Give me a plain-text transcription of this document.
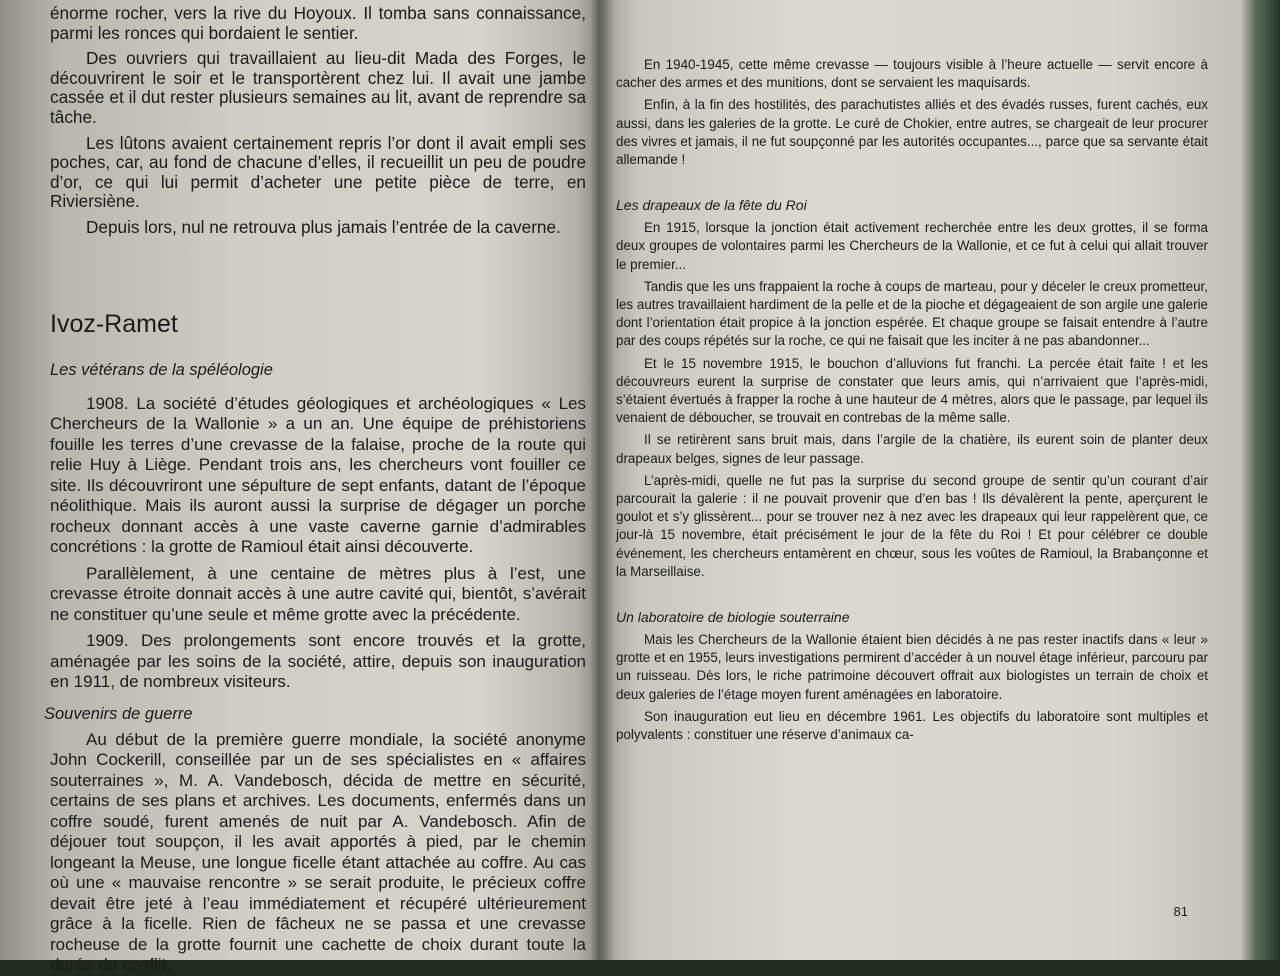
énorme rocher, vers la rive du Hoyoux. Il tomba sans connaissance, parmi les ronces qui bordaient le sentier.

Des ouvriers qui travaillaient au lieu-dit Mada des Forges, le découvrirent le soir et le transportèrent chez lui. Il avait une jambe cassée et il dut rester plusieurs semaines au lit, avant de reprendre sa tâche.

Les lûtons avaient certainement repris l’or dont il avait empli ses poches, car, au fond de chacune d’elles, il recueillit un peu de poudre d’or, ce qui lui permit d’acheter une petite pièce de terre, en Riviersiène.

Depuis lors, nul ne retrouva plus jamais l’entrée de la caverne.

Ivoz-Ramet
Les vétérans de la spéléologie

1908. La société d’études géologiques et archéologiques « Les Chercheurs de la Wallonie » a un an. Une équipe de préhistoriens fouille les terres d’une crevasse de la falaise, proche de la route qui relie Huy à Liège. Pendant trois ans, les chercheurs vont fouiller ce site. Ils découvriront une sépulture de sept enfants, datant de l’époque néolithique. Mais ils auront aussi la surprise de dégager un porche rocheux donnant accès à une vaste caverne garnie d’admirables concrétions : la grotte de Ramioul était ainsi découverte.

Parallèlement, à une centaine de mètres plus à l’est, une crevasse étroite donnait accès à une autre cavité qui, bientôt, s’avérait ne constituer qu’une seule et même grotte avec la précédente.

1909. Des prolongements sont encore trouvés et la grotte, aménagée par les soins de la société, attire, depuis son inauguration en 1911, de nombreux visiteurs.

Souvenirs de guerre

Au début de la première guerre mondiale, la société anonyme John Cockerill, conseillée par un de ses spécialistes en « affaires souterraines », M. A. Vandebosch, décida de mettre en sécurité, certains de ses plans et archives. Les documents, enfermés dans un coffre soudé, furent amenés de nuit par A. Vandebosch. Afin de déjouer tout soupçon, il les avait apportés à pied, par le chemin longeant la Meuse, une longue ficelle étant attachée au coffre. Au cas où une « mauvaise rencontre » se serait produite, le précieux coffre devait être jeté à l’eau immédiatement et récupéré ultérieurement grâce à la ficelle. Rien de fâcheux ne se passa et une crevasse rocheuse de la grotte fournit une cachette de choix durant toute la durée du conflit.

En 1940-1945, cette même crevasse — toujours visible à l’heure actuelle — servit encore à cacher des armes et des munitions, dont se servaient les maquisards.

Enfin, à la fin des hostilités, des parachutistes alliés et des évadés russes, furent cachés, eux aussi, dans les galeries de la grotte. Le curé de Chokier, entre autres, se chargeait de leur procurer des vivres et jamais, il ne fut soupçonné par les autorités occupantes..., parce que sa servante était allemande !

Les drapeaux de la fête du Roi

En 1915, lorsque la jonction était activement recherchée entre les deux grottes, il se forma deux groupes de volontaires parmi les Chercheurs de la Wallonie, et ce fut à celui qui allait trouver le premier...

Tandis que les uns frappaient la roche à coups de marteau, pour y déceler le creux prometteur, les autres travaillaient hardiment de la pelle et de la pioche et dégageaient de son argile une galerie dont l’orientation était propice à la jonction espérée. Et chaque groupe se faisait entendre à l’autre par des coups répétés sur la roche, ce qui ne faisait que les inciter à ne pas abandonner...

Et le 15 novembre 1915, le bouchon d’alluvions fut franchi. La percée était faite ! et les découvreurs eurent la surprise de constater que leurs amis, qui n’arrivaient que l’après-midi, s’étaient évertués à frapper la roche à une hauteur de 4 mètres, alors que le passage, par lequel ils venaient de déboucher, se trouvait en contrebas de la même salle.

Il se retirèrent sans bruit mais, dans l’argile de la chatière, ils eurent soin de planter deux drapeaux belges, signes de leur passage.

L’après-midi, quelle ne fut pas la surprise du second groupe de sentir qu’un courant d’air parcourait la galerie : il ne pouvait provenir que d’en bas ! Ils dévalèrent la pente, aperçurent le goulot et s’y glissèrent... pour se trouver nez à nez avec les drapeaux qui leur rappelèrent que, ce jour-là 15 novembre, était précisément le jour de la fête du Roi ! Et pour célébrer ce double événement, les chercheurs entamèrent en chœur, sous les voûtes de Ramioul, la Brabançonne et la Marseillaise.

Un laboratoire de biologie souterraine

Mais les Chercheurs de la Wallonie étaient bien décidés à ne pas rester inactifs dans « leur » grotte et en 1955, leurs investigations permirent d’accéder à un nouvel étage inférieur, parcouru par un ruisseau. Dès lors, le riche patrimoine découvert offrait aux biologistes un terrain de choix et deux galeries de l’étage moyen furent aménagées en laboratoire.

Son inauguration eut lieu en décembre 1961. Les objectifs du laboratoire sont multiples et polyvalents : constituer une réserve d’animaux ca-

81
